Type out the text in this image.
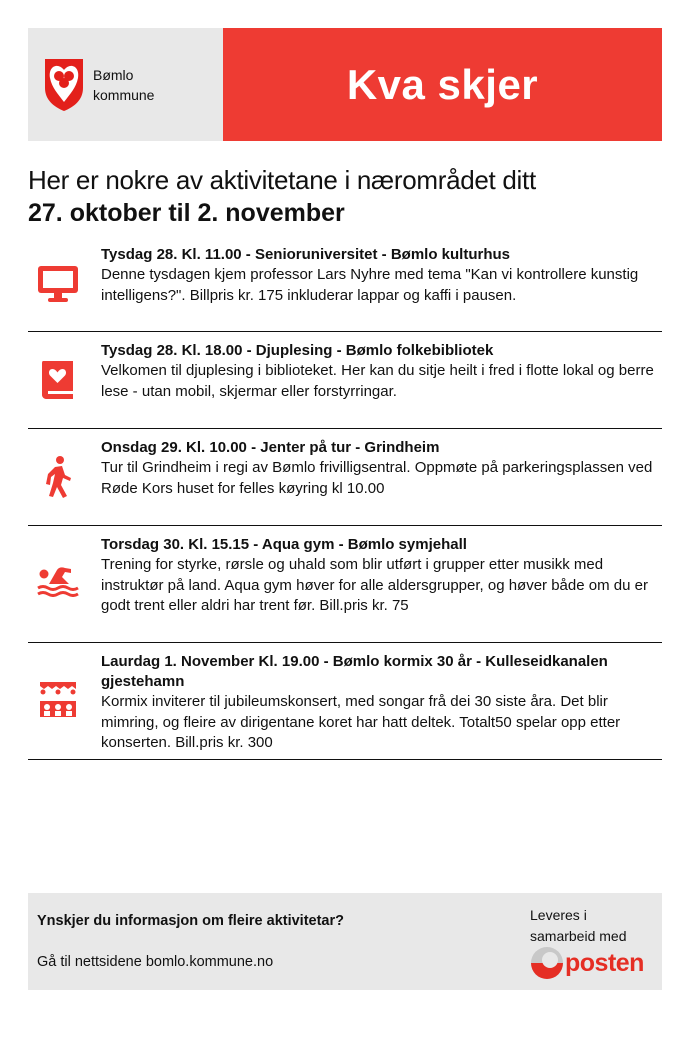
Bømlo
kommune	Kva skjer
Her er nokre av aktivitetane i nærområdet ditt
27. oktober til 2. november
Tysdag 28. Kl. 11.00 - Senioruniversitet - Bømlo kulturhus
Denne tysdagen kjem professor Lars Nyhre med tema "Kan vi kontrollere kunstig intelligens?". Billpris kr. 175 inkluderar lappar og kaffi i pausen.
Tysdag 28. Kl. 18.00 - Djuplesing - Bømlo folkebibliotek
Velkomen til djuplesing i biblioteket. Her kan du sitje heilt i fred i flotte lokal og berre lese - utan mobil, skjermar eller forstyrringar.
Onsdag 29. Kl. 10.00 - Jenter på tur - Grindheim
Tur til Grindheim i regi av Bømlo frivilligsentral. Oppmøte på parkeringsplassen ved Røde Kors huset for felles køyring kl 10.00
Torsdag 30. Kl. 15.15 - Aqua gym - Bømlo symjehall
Trening for styrke, rørsle og uhald som blir utført i grupper etter musikk med instruktør på land. Aqua gym høver for alle aldersgrupper, og høver både om du er godt trent eller aldri har trent før. Bill.pris kr. 75
Laurdag 1. November Kl. 19.00 - Bømlo kormix 30 år - Kulleseidkanalen gjestehamn
Kormix inviterer til jubileumskonsert, med songar frå dei 30 siste åra. Det blir mimring, og fleire av dirigentane koret har hatt deltek. Totalt50 spelar opp etter konserten. Bill.pris kr. 300
Ynskjer du informasjon om fleire aktivitetar?
Gå til nettsidene bomlo.kommune.no
Leveres i
samarbeid med
posten
